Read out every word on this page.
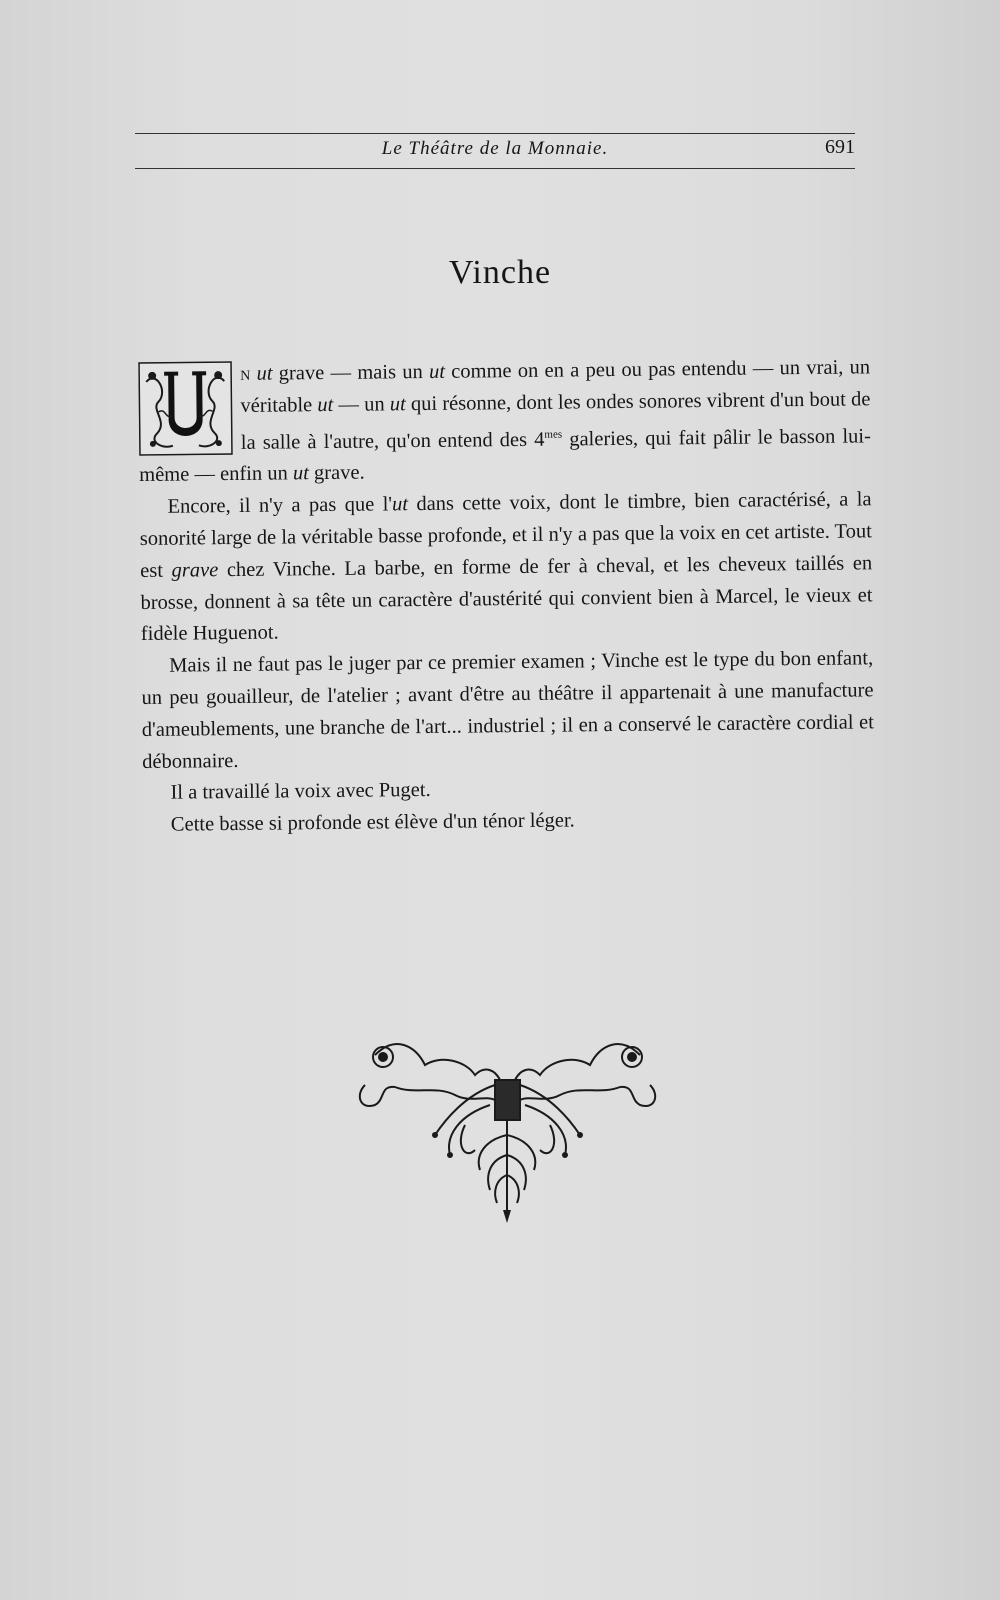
Le Théâtre de la Monnaie.	691
Vinche

n ut grave — mais un ut comme on en a peu ou pas entendu — un vrai, un véritable ut — un ut qui résonne, dont les ondes sonores vibrent d'un bout de la salle à l'autre, qu'on entend des $4^{mes}$ galeries, qui fait pâlir le basson lui-même — enfin un ut grave.

Encore, il n'y a pas que l'ut dans cette voix, dont le timbre, bien caractérisé, a la sonorité large de la véritable basse profonde, et il n'y a pas que la voix en cet artiste. Tout est grave chez Vinche. La barbe, en forme de fer à cheval, et les cheveux taillés en brosse, donnent à sa tête un caractère d'austérité qui convient bien à Marcel, le vieux et fidèle Huguenot.

Mais il ne faut pas le juger par ce premier examen ; Vinche est le type du bon enfant, un peu gouailleur, de l'atelier ; avant d'être au théâtre il appartenait à une manufacture d'ameublements, une branche de l'art... industriel ; il en a conservé le caractère cordial et débonnaire.

Il a travaillé la voix avec Puget.

Cette basse si profonde est élève d'un ténor léger.
